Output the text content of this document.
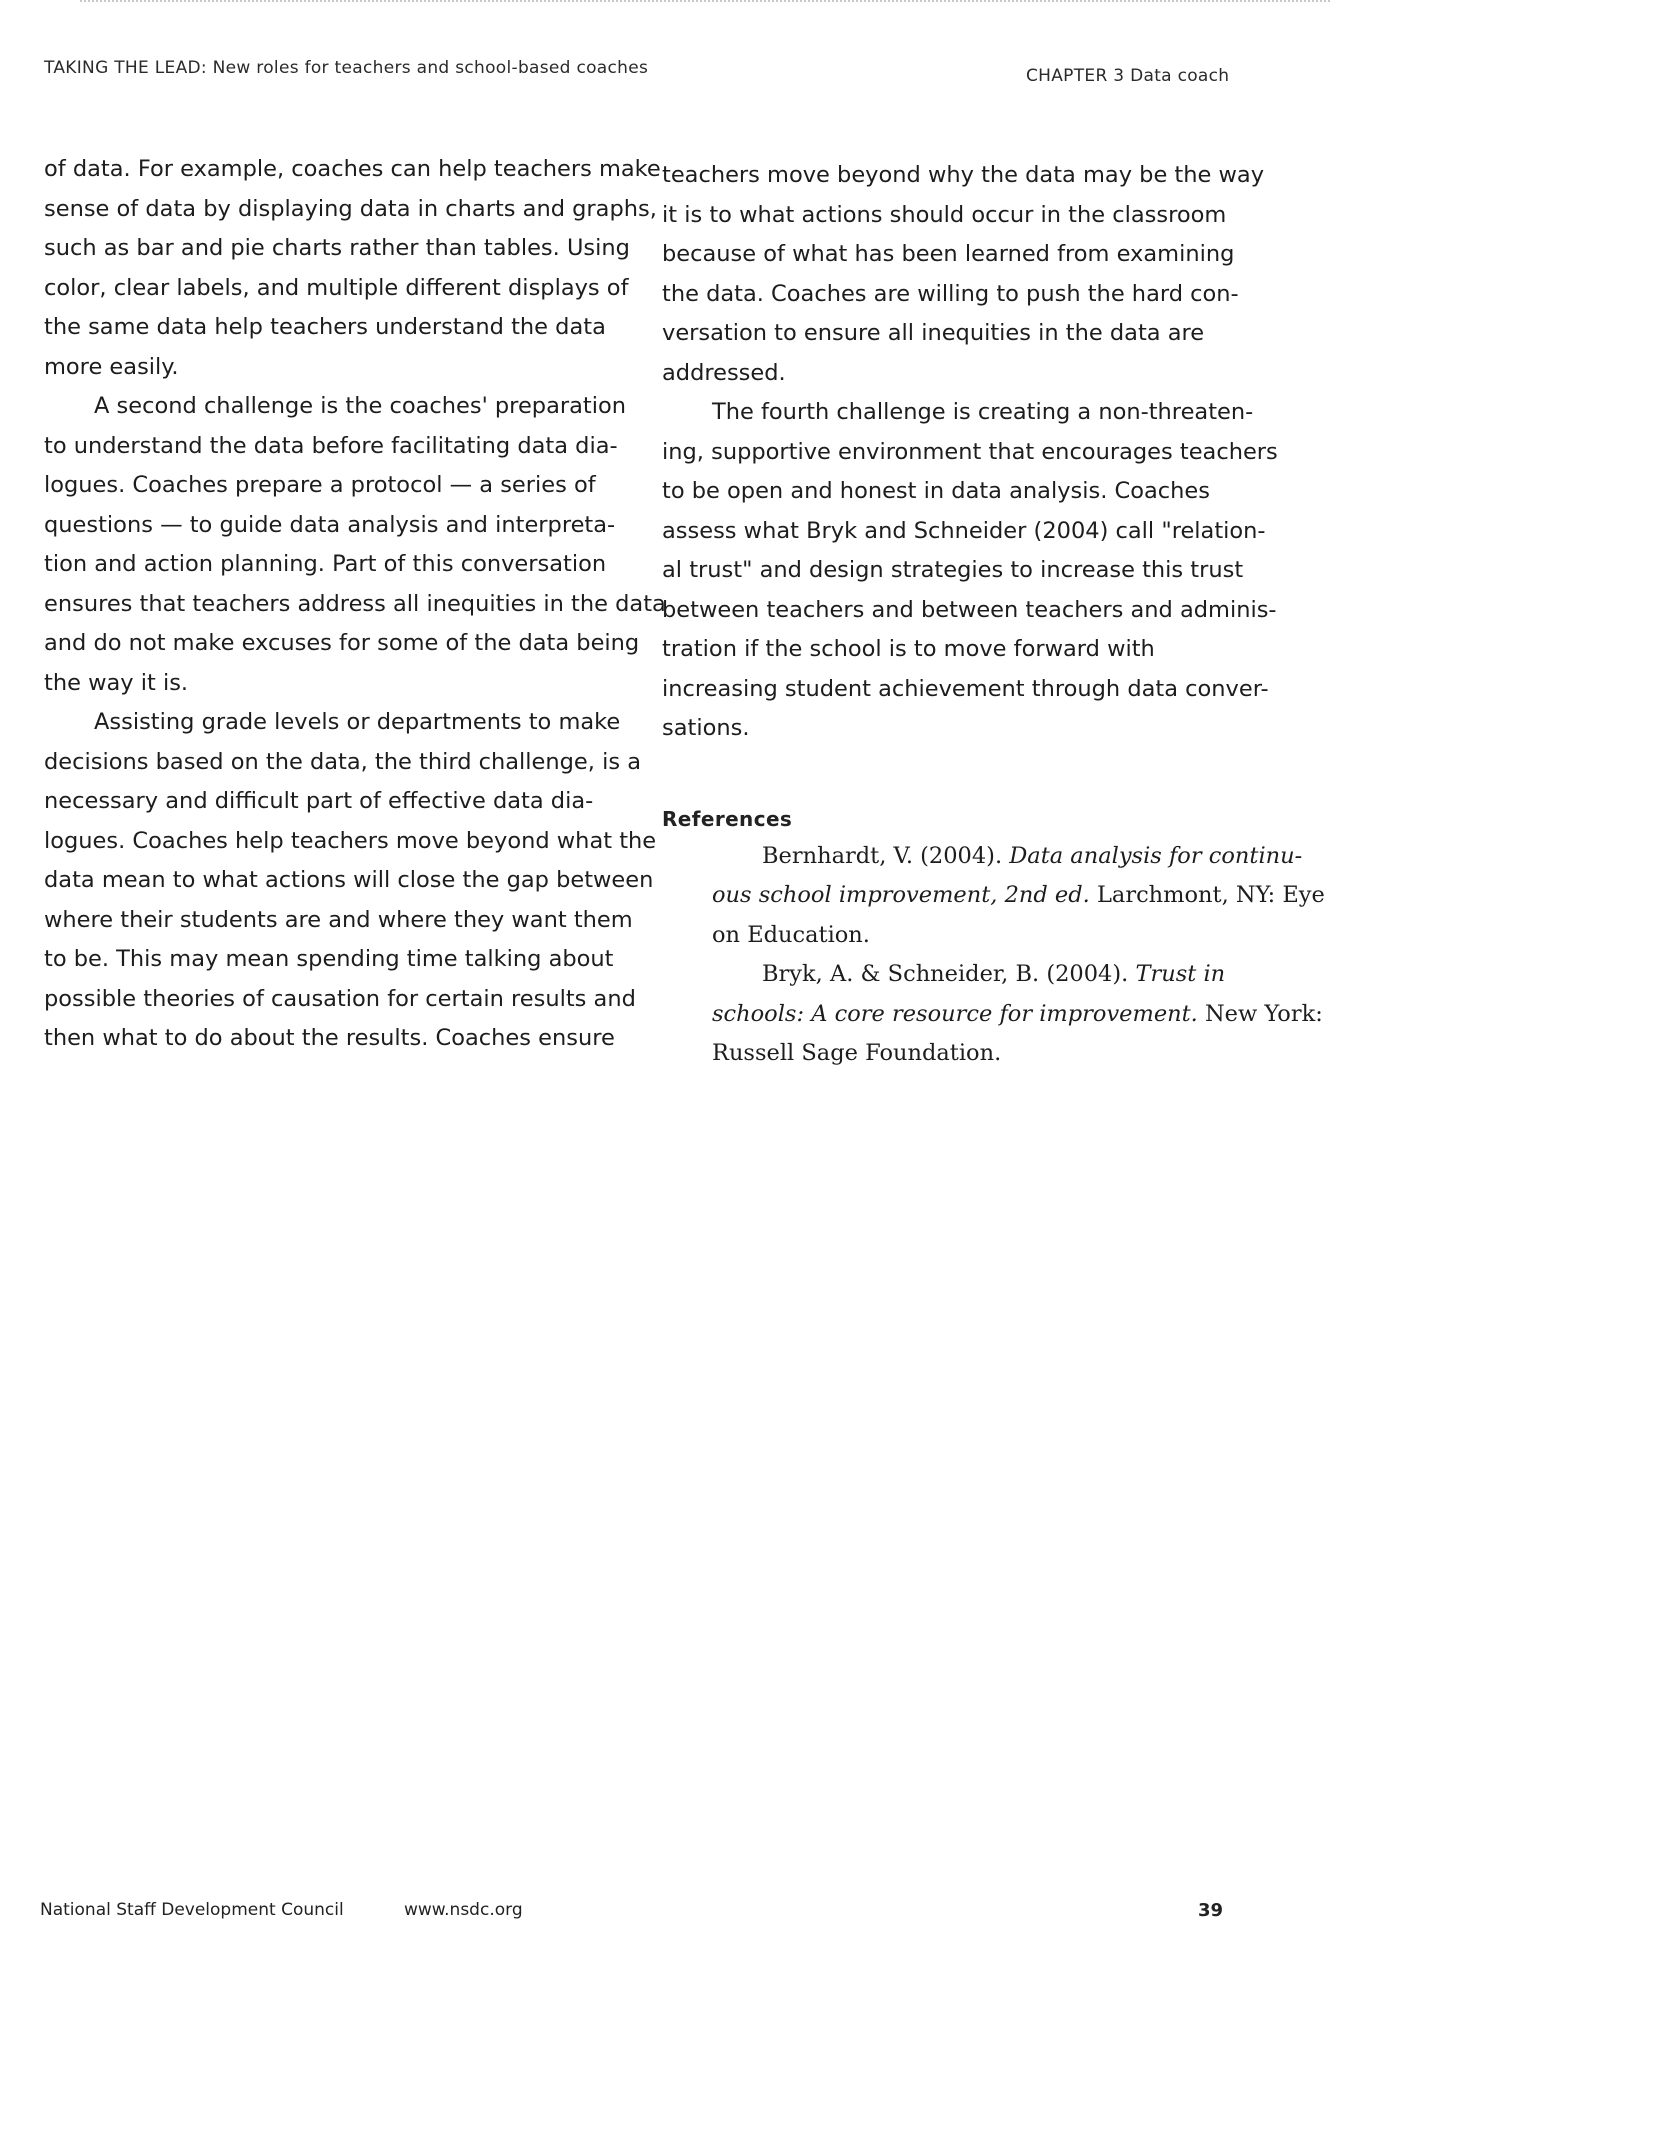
TAKING THE LEAD: New roles for teachers and school-based coaches	CHAPTER 3 Data coach

of data. For example, coaches can help teachers make
sense of data by displaying data in charts and graphs,
such as bar and pie charts rather than tables. Using
color, clear labels, and multiple different displays of
the same data help teachers understand the data
more easily.

A second challenge is the coaches' preparation
to understand the data before facilitating data dia-
logues. Coaches prepare a protocol — a series of
questions — to guide data analysis and interpreta-
tion and action planning. Part of this conversation
ensures that teachers address all inequities in the data
and do not make excuses for some of the data being
the way it is.

Assisting grade levels or departments to make
decisions based on the data, the third challenge, is a
necessary and difficult part of effective data dia-
logues. Coaches help teachers move beyond what the
data mean to what actions will close the gap between
where their students are and where they want them
to be. This may mean spending time talking about
possible theories of causation for certain results and
then what to do about the results. Coaches ensure

teachers move beyond why the data may be the way
it is to what actions should occur in the classroom
because of what has been learned from examining
the data. Coaches are willing to push the hard con-
versation to ensure all inequities in the data are
addressed.

The fourth challenge is creating a non-threaten-
ing, supportive environment that encourages teachers
to be open and honest in data analysis. Coaches
assess what Bryk and Schneider (2004) call "relation-
al trust" and design strategies to increase this trust
between teachers and between teachers and adminis-
tration if the school is to move forward with
increasing student achievement through data conver-
sations.

References

Bernhardt, V. (2004). Data analysis for continu-
ous school improvement, 2nd ed. Larchmont, NY: Eye
on Education.

Bryk, A. & Schneider, B. (2004). Trust in
schools: A core resource for improvement. New York:
Russell Sage Foundation.

National Staff Development Council	www.nsdc.org	39
